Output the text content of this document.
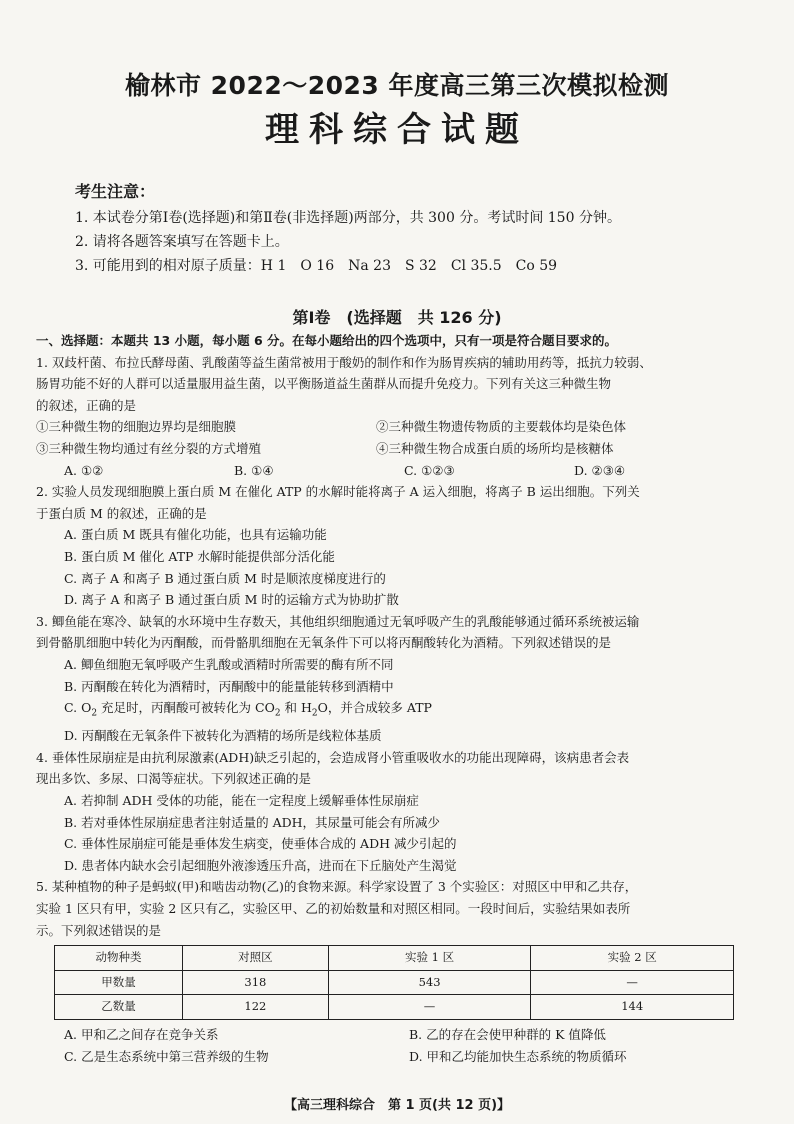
榆林市 2022～2023 年度高三第三次模拟检测
理科综合试题
考生注意：
1. 本试卷分第Ⅰ卷(选择题)和第Ⅱ卷(非选择题)两部分，共 300 分。考试时间 150 分钟。
2. 请将各题答案填写在答题卡上。
3. 可能用到的相对原子质量：H 1　O 16　Na 23　S 32　Cl 35.5　Co 59
第Ⅰ卷　(选择题　共 126 分)
一、选择题：本题共 13 小题，每小题 6 分。在每小题给出的四个选项中，只有一项是符合题目要求的。
1. 双歧杆菌、布拉氏酵母菌、乳酸菌等益生菌常被用于酸奶的制作和作为肠胃疾病的辅助用药等，抵抗力较弱、
肠胃功能不好的人群可以适量服用益生菌，以平衡肠道益生菌群从而提升免疫力。下列有关这三种微生物
的叙述，正确的是
①三种微生物的细胞边界均是细胞膜	②三种微生物遗传物质的主要载体均是染色体
③三种微生物均通过有丝分裂的方式增殖	④三种微生物合成蛋白质的场所均是核糖体
A. ①②	B. ①④	C. ①②③	D. ②③④
2. 实验人员发现细胞膜上蛋白质 M 在催化 ATP 的水解时能将离子 A 运入细胞，将离子 B 运出细胞。下列关
于蛋白质 M 的叙述，正确的是
A. 蛋白质 M 既具有催化功能，也具有运输功能
B. 蛋白质 M 催化 ATP 水解时能提供部分活化能
C. 离子 A 和离子 B 通过蛋白质 M 时是顺浓度梯度进行的
D. 离子 A 和离子 B 通过蛋白质 M 时的运输方式为协助扩散
3. 鲫鱼能在寒冷、缺氧的水环境中生存数天，其他组织细胞通过无氧呼吸产生的乳酸能够通过循环系统被运输
到骨骼肌细胞中转化为丙酮酸，而骨骼肌细胞在无氧条件下可以将丙酮酸转化为酒精。下列叙述错误的是
A. 鲫鱼细胞无氧呼吸产生乳酸或酒精时所需要的酶有所不同
B. 丙酮酸在转化为酒精时，丙酮酸中的能量能转移到酒精中
C. $O_2$ 充足时，丙酮酸可被转化为 $CO_2$ 和 $H_2O$，并合成较多 ATP
D. 丙酮酸在无氧条件下被转化为酒精的场所是线粒体基质
4. 垂体性尿崩症是由抗利尿激素(ADH)缺乏引起的，会造成肾小管重吸收水的功能出现障碍，该病患者会表
现出多饮、多尿、口渴等症状。下列叙述正确的是
A. 若抑制 ADH 受体的功能，能在一定程度上缓解垂体性尿崩症
B. 若对垂体性尿崩症患者注射适量的 ADH，其尿量可能会有所减少
C. 垂体性尿崩症可能是垂体发生病变，使垂体合成的 ADH 减少引起的
D. 患者体内缺水会引起细胞外液渗透压升高，进而在下丘脑处产生渴觉
5. 某种植物的种子是蚂蚁(甲)和啮齿动物(乙)的食物来源。科学家设置了 3 个实验区：对照区中甲和乙共存，
实验 1 区只有甲，实验 2 区只有乙，实验区甲、乙的初始数量和对照区相同。一段时间后，实验结果如表所
示。下列叙述错误的是
动物种类	对照区	实验 1 区	实验 2 区
甲数量	318	543	—
乙数量	122	—	144
A. 甲和乙之间存在竞争关系	B. 乙的存在会使甲种群的 K 值降低
C. 乙是生态系统中第三营养级的生物	D. 甲和乙均能加快生态系统的物质循环
【高三理科综合　第 1 页(共 12 页)】
